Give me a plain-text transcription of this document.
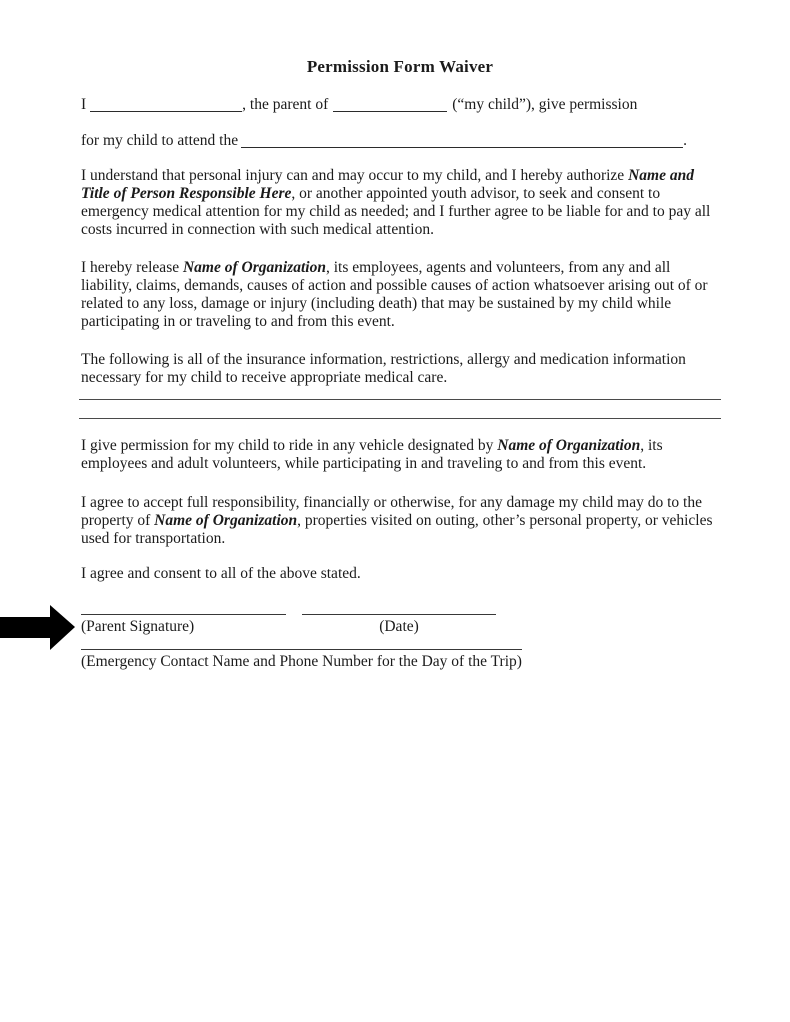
Permission Form Waiver
I	, the parent of	(“my child”), give permission
for my child to attend the	.

I understand that personal injury can and may occur to my child, and I hereby authorize Name and Title of Person Responsible Here, or another appointed youth advisor, to seek and consent to emergency medical attention for my child as needed; and I further agree to be liable for and to pay all costs incurred in connection with such medical attention.

I hereby release Name of Organization, its employees, agents and volunteers, from any and all liability, claims, demands, causes of action and possible causes of action whatsoever arising out of or related to any loss, damage or injury (including death) that may be sustained by my child while participating in or traveling to and from this event.

The following is all of the insurance information, restrictions, allergy and medication information necessary for my child to receive appropriate medical care.

I give permission for my child to ride in any vehicle designated by Name of Organization, its employees and adult volunteers, while participating in and traveling to and from this event.

I agree to accept full responsibility, financially or otherwise, for any damage my child may do to the property of Name of Organization, properties visited on outing, other’s personal property, or vehicles used for transportation.

I agree and consent to all of the above stated.

(Parent Signature)	(Date)
(Emergency Contact Name and Phone Number for the Day of the Trip)
